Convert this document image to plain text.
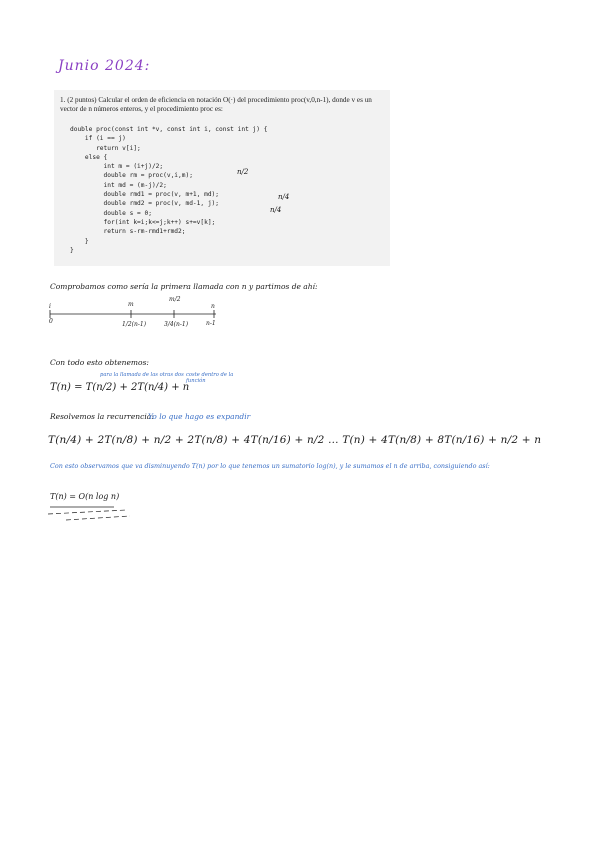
Junio 2024:
1. (2 puntos) Calcular el orden de eficiencia en notación O(·) del procedimiento proc(v,0,n-1), donde v es un vector de n números enteros, y el procedimiento proc es:
double proc(const int *v, const int i, const int j) {
if (i == j)
return v[i];
else {
int m = (i+j)/2;
double rm = proc(v,i,m);
int md = (m-j)/2;
double rmd1 = proc(v, m+1, md);
double rmd2 = proc(v, md-1, j);
double s = 0;
for(int k=i;k<=j;k++) s+=v[k];
return s-rm-rmd1+rmd2;
}
}
n/2
n/4
n/4
Comprobamos como sería la primera llamada con n y partimos de ahí:
i	m
m/2
n
0	1/2(n-1)	3/4(n-1)	n-1
Con todo esto obtenemos:
para la llamada de las otras dos coste dentro de la función
T(n) = T(n/2) + 2T(n/4) + n
Resolvemos la recurrencia:
Yo lo que hago es expandir
T(n/4) + 2T(n/8) + n/2 + 2T(n/8) + 4T(n/16) + n/2 ... T(n) + 4T(n/8) + 8T(n/16) + n/2 + n
Con esto observamos que va disminuyendo T(n) por lo que tenemos un sumatorio log(n), y le sumamos el n de arriba, consiguiendo así:
T(n) = O(n log n)
